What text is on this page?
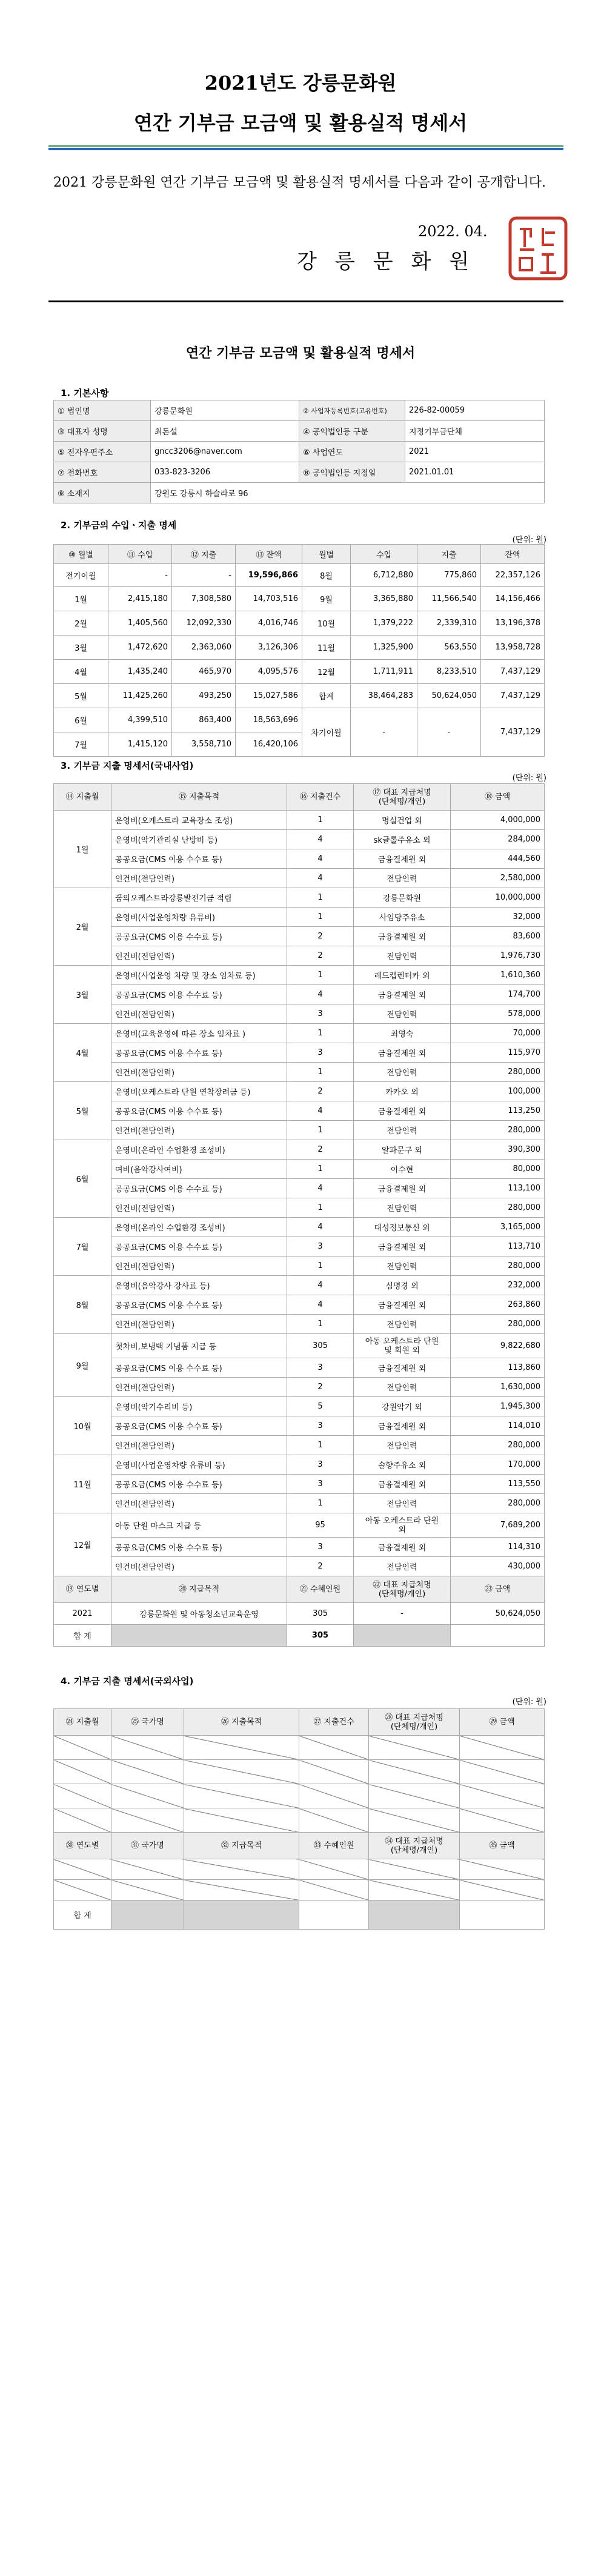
2021년도 강릉문화원
연간 기부금 모금액 및 활용실적 명세서
2021 강릉문화원 연간 기부금 모금액 및 활용실적 명세서를 다음과 같이 공개합니다.
2022. 04.
강릉문화원
연간 기부금 모금액 및 활용실적 명세서
1. 기본사항
① 법인명	강릉문화원	② 사업자등록번호(고유번호)	226-82-00059
③ 대표자 성명	최돈설	④ 공익법인등 구분	지정기부금단체
⑤ 전자우편주소	gncc3206@naver.com	⑥ 사업연도	2021
⑦ 전화번호	033-823-3206	⑧ 공익법인등 지정일	2021.01.01
⑨ 소재지	강원도 강릉시 하슬라로 96		
2. 기부금의 수입ㆍ지출 명세
(단위: 원)
⑩ 월별	⑪ 수입	⑫ 지출	⑬ 잔액	월별	수입	지출	잔액
전기이월	-	-	19,596,866	8월	6,712,880	775,860	22,357,126
1월	2,415,180	7,308,580	14,703,516	9월	3,365,880	11,566,540	14,156,466
2월	1,405,560	12,092,330	4,016,746	10월	1,379,222	2,339,310	13,196,378
3월	1,472,620	2,363,060	3,126,306	11월	1,325,900	563,550	13,958,728
4월	1,435,240	465,970	4,095,576	12월	1,711,911	8,233,510	7,437,129
5월	11,425,260	493,250	15,027,586	합계	38,464,283	50,624,050	7,437,129
6월	4,399,510	863,400	18,563,696	차기이월	-	-	7,437,129
7월	1,415,120	3,558,710	16,420,106				
3. 기부금 지출 명세서(국내사업)
(단위: 원)
⑭ 지출월	⑮ 지출목적	⑯ 지출건수	⑰ 대표 지급처명
(단체명/개인)	⑱ 금액
1월	운영비(오케스트라 교육장소 조성)	1	명실건업 외	4,000,000
	운영비(악기관리실 난방비 등)	4	sk글롤주유소 외	284,000
	공공요금(CMS 이용 수수료 등)	4	금융결제원 외	444,560
	인건비(전담인력)	4	전담인력	2,580,000
2월	꿈의오케스트라강릉발전기금 적립	1	강릉문화원	10,000,000
	운영비(사업운영차량 유류비)	1	사임당주유소	32,000
	공공요금(CMS 이용 수수료 등)	2	금융결제원 외	83,600
	인건비(전담인력)	2	전담인력	1,976,730
3월	운영비(사업운영 차량 및 장소 임차료 등)	1	레드캡렌터카 외	1,610,360
	공공요금(CMS 이용 수수료 등)	4	금융결제원 외	174,700
	인건비(전담인력)	3	전담인력	578,000
4월	운영비(교육운영에 따른 장소 임차료 )	1	최영숙	70,000
	공공요금(CMS 이용 수수료 등)	3	금융결제원 외	115,970
	인건비(전담인력)	1	전담인력	280,000
5월	운영비(오케스트라 단원 연착장려금 등)	2	카카오 외	100,000
	공공요금(CMS 이용 수수료 등)	4	금융결제원 외	113,250
	인건비(전담인력)	1	전담인력	280,000
6월	운영비(온라인 수업환경 조성비)	2	알파문구 외	390,300
	여비(음악강사여비)	1	이수현	80,000
	공공요금(CMS 이용 수수료 등)	4	금융결제원 외	113,100
	인건비(전담인력)	1	전담인력	280,000
7월	운영비(온라인 수업환경 조성비)	4	대성정보통신 외	3,165,000
	공공요금(CMS 이용 수수료 등)	3	금융결제원 외	113,710
	인건비(전담인력)	1	전담인력	280,000
8월	운영비(음악강사 강사료 등)	4	심명경 외	232,000
	공공요금(CMS 이용 수수료 등)	4	금융결제원 외	263,860
	인건비(전담인력)	1	전담인력	280,000
9월	첫차비,보냉백 기념품 지급 등	305	아동 오케스트라 단원
및 회원 외	9,822,680
	공공요금(CMS 이용 수수료 등)	3	금융결제원 외	113,860
	인건비(전담인력)	2	전담인력	1,630,000
10월	운영비(악기수리비 등)	5	강원악기 외	1,945,300
	공공요금(CMS 이용 수수료 등)	3	금융결제원 외	114,010
	인건비(전담인력)	1	전담인력	280,000
11월	운영비(사업운영차량 유류비 등)	3	솔향주유소 외	170,000
	공공요금(CMS 이용 수수료 등)	3	금융결제원 외	113,550
	인건비(전담인력)	1	전담인력	280,000
12월	아동 단원 마스크 지급 등	95	아동 오케스트라 단원
외	7,689,200
	공공요금(CMS 이용 수수료 등)	3	금융결제원 외	114,310
	인건비(전담인력)	2	전담인력	430,000
⑲ 연도별	⑳ 지급목적	㉑ 수혜인원	㉒ 대표 지급처명
(단체명/개인)	㉓ 금액
2021	강릉문화원 및 아동청소년교육운영	305	-	50,624,050
합 계		305		
4. 기부금 지출 명세서(국외사업)
(단위: 원)
㉔ 지출월	㉕ 국가명	㉖ 지출목적	㉗ 지출건수	㉘ 대표 지급처명
(단체명/개인)	㉙ 금액

㉚ 연도별	㉛ 국가명	㉜ 지급목적	㉝ 수혜인원	㉞ 대표 지급처명
(단체명/개인)	㉟ 금액

합 계					
